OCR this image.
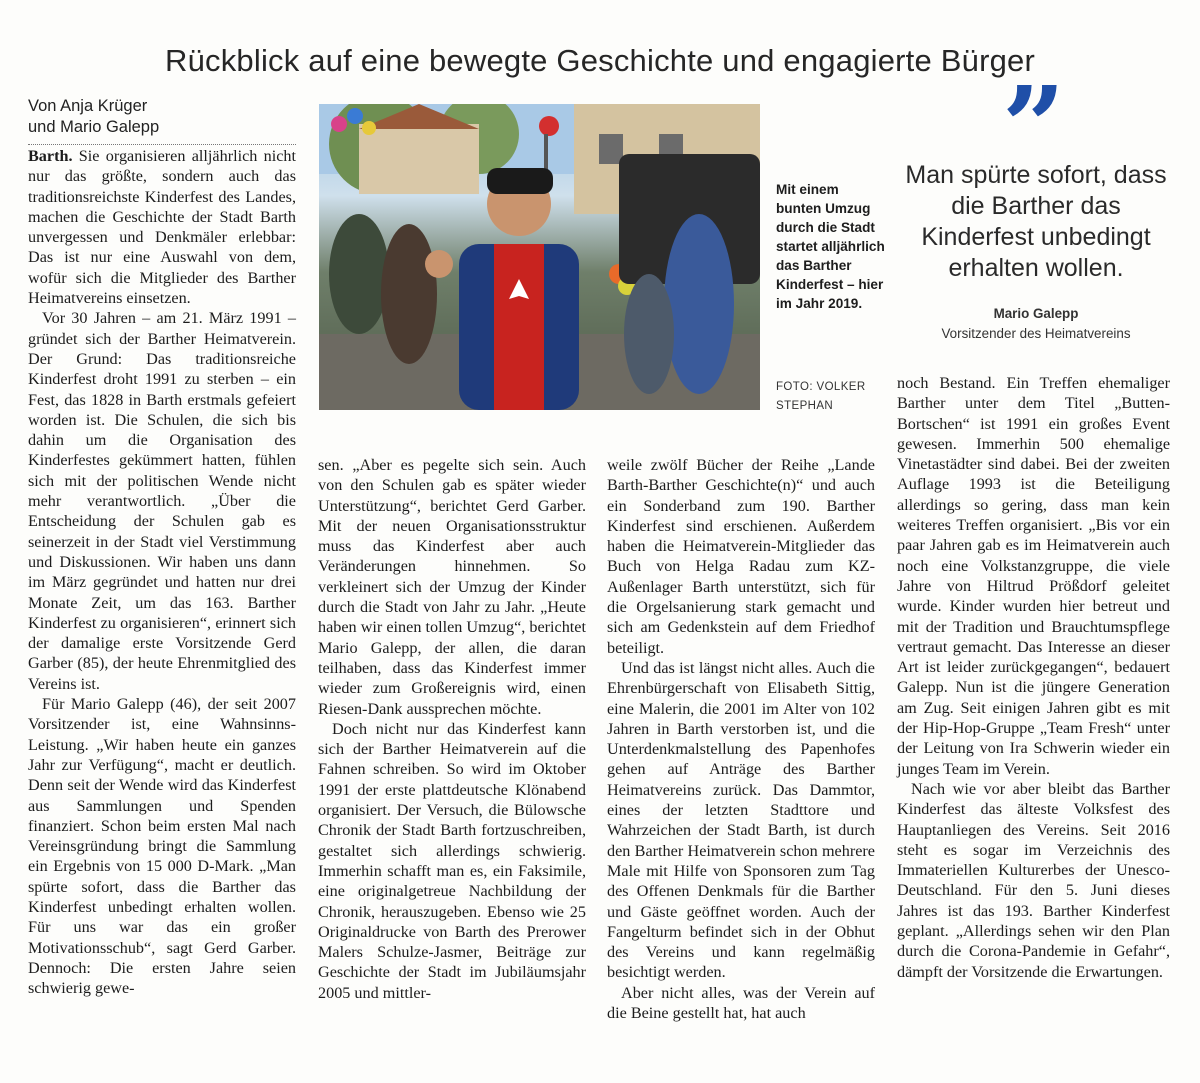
Rückblick auf eine bewegte Geschichte und engagierte Bürger
Von Anja Krüger
und Mario Galepp
Mit einem bunten Umzug durch die Stadt startet alljährlich das Barther Kinderfest – hier im Jahr 2019.
FOTO: VOLKER STEPHAN
”
Man spürte sofort, dass die Barther das Kinderfest unbedingt erhalten wollen.
Mario Galepp
Vorsitzender des Heimatvereins

Barth. Sie organisieren alljährlich nicht nur das größte, sondern auch das traditionsreichste Kinderfest des Landes, machen die Geschichte der Stadt Barth unvergessen und Denkmäler erlebbar: Das ist nur eine Auswahl von dem, wofür sich die Mitglieder des Barther Heimatvereins einsetzen.

Vor 30 Jahren – am 21. März 1991 – gründet sich der Barther Heimatverein. Der Grund: Das traditionsreiche Kinderfest droht 1991 zu sterben – ein Fest, das 1828 in Barth erstmals gefeiert worden ist. Die Schulen, die sich bis dahin um die Organisation des Kinderfestes gekümmert hatten, fühlen sich mit der politischen Wende nicht mehr verantwortlich. „Über die Entscheidung der Schulen gab es seinerzeit in der Stadt viel Verstimmung und Diskussionen. Wir haben uns dann im März gegründet und hatten nur drei Monate Zeit, um das 163. Barther Kinderfest zu organisieren“, erinnert sich der damalige erste Vorsitzende Gerd Garber (85), der heute Ehrenmitglied des Vereins ist.

Für Mario Galepp (46), der seit 2007 Vorsitzender ist, eine Wahnsinns-Leistung. „Wir haben heute ein ganzes Jahr zur Verfügung“, macht er deutlich. Denn seit der Wende wird das Kinderfest aus Sammlungen und Spenden finanziert. Schon beim ersten Mal nach Vereinsgründung bringt die Sammlung ein Ergebnis von 15 000 D-Mark. „Man spürte sofort, dass die Barther das Kinderfest unbedingt erhalten wollen. Für uns war das ein großer Motivationsschub“, sagt Gerd Garber. Dennoch: Die ersten Jahre seien schwierig gewe-

sen. „Aber es pegelte sich sein. Auch von den Schulen gab es später wieder Unterstützung“, berichtet Gerd Garber. Mit der neuen Organisationsstruktur muss das Kinderfest aber auch Veränderungen hinnehmen. So verkleinert sich der Umzug der Kinder durch die Stadt von Jahr zu Jahr. „Heute haben wir einen tollen Umzug“, berichtet Mario Galepp, der allen, die daran teilhaben, dass das Kinderfest immer wieder zum Großereignis wird, einen Riesen-Dank aussprechen möchte.

Doch nicht nur das Kinderfest kann sich der Barther Heimatverein auf die Fahnen schreiben. So wird im Oktober 1991 der erste plattdeutsche Klönabend organisiert. Der Versuch, die Bülowsche Chronik der Stadt Barth fortzuschreiben, gestaltet sich allerdings schwierig. Immerhin schafft man es, ein Faksimile, eine originalgetreue Nachbildung der Chronik, herauszugeben. Ebenso wie 25 Originaldrucke von Barth des Prerower Malers Schulze-Jasmer, Beiträge zur Geschichte der Stadt im Jubiläumsjahr 2005 und mittler-

weile zwölf Bücher der Reihe „Lande Barth-Barther Geschichte(n)“ und auch ein Sonderband zum 190. Barther Kinderfest sind erschienen. Außerdem haben die Heimatverein-Mitglieder das Buch von Helga Radau zum KZ-Außenlager Barth unterstützt, sich für die Orgelsanierung stark gemacht und sich am Gedenkstein auf dem Friedhof beteiligt.

Und das ist längst nicht alles. Auch die Ehrenbürgerschaft von Elisabeth Sittig, eine Malerin, die 2001 im Alter von 102 Jahren in Barth verstorben ist, und die Unterdenkmalstellung des Papenhofes gehen auf Anträge des Barther Heimatvereins zurück. Das Dammtor, eines der letzten Stadttore und Wahrzeichen der Stadt Barth, ist durch den Barther Heimatverein schon mehrere Male mit Hilfe von Sponsoren zum Tag des Offenen Denkmals für die Barther und Gäste geöffnet worden. Auch der Fangelturm befindet sich in der Obhut des Vereins und kann regelmäßig besichtigt werden.

Aber nicht alles, was der Verein auf die Beine gestellt hat, hat auch

noch Bestand. Ein Treffen ehemaliger Barther unter dem Titel „Butten-Bortschen“ ist 1991 ein großes Event gewesen. Immerhin 500 ehemalige Vinetastädter sind dabei. Bei der zweiten Auflage 1993 ist die Beteiligung allerdings so gering, dass man kein weiteres Treffen organisiert. „Bis vor ein paar Jahren gab es im Heimatverein auch noch eine Volkstanzgruppe, die viele Jahre von Hiltrud Prößdorf geleitet wurde. Kinder wurden hier betreut und mit der Tradition und Brauchtumspflege vertraut gemacht. Das Interesse an dieser Art ist leider zurückgegangen“, bedauert Galepp. Nun ist die jüngere Generation am Zug. Seit einigen Jahren gibt es mit der Hip-Hop-Gruppe „Team Fresh“ unter der Leitung von Ira Schwerin wieder ein junges Team im Verein.

Nach wie vor aber bleibt das Barther Kinderfest das älteste Volksfest des Hauptanliegen des Vereins. Seit 2016 steht es sogar im Verzeichnis des Immateriellen Kulturerbes der Unesco-Deutschland. Für den 5. Juni dieses Jahres ist das 193. Barther Kinderfest geplant. „Allerdings sehen wir den Plan durch die Corona-Pandemie in Gefahr“, dämpft der Vorsitzende die Erwartungen.
